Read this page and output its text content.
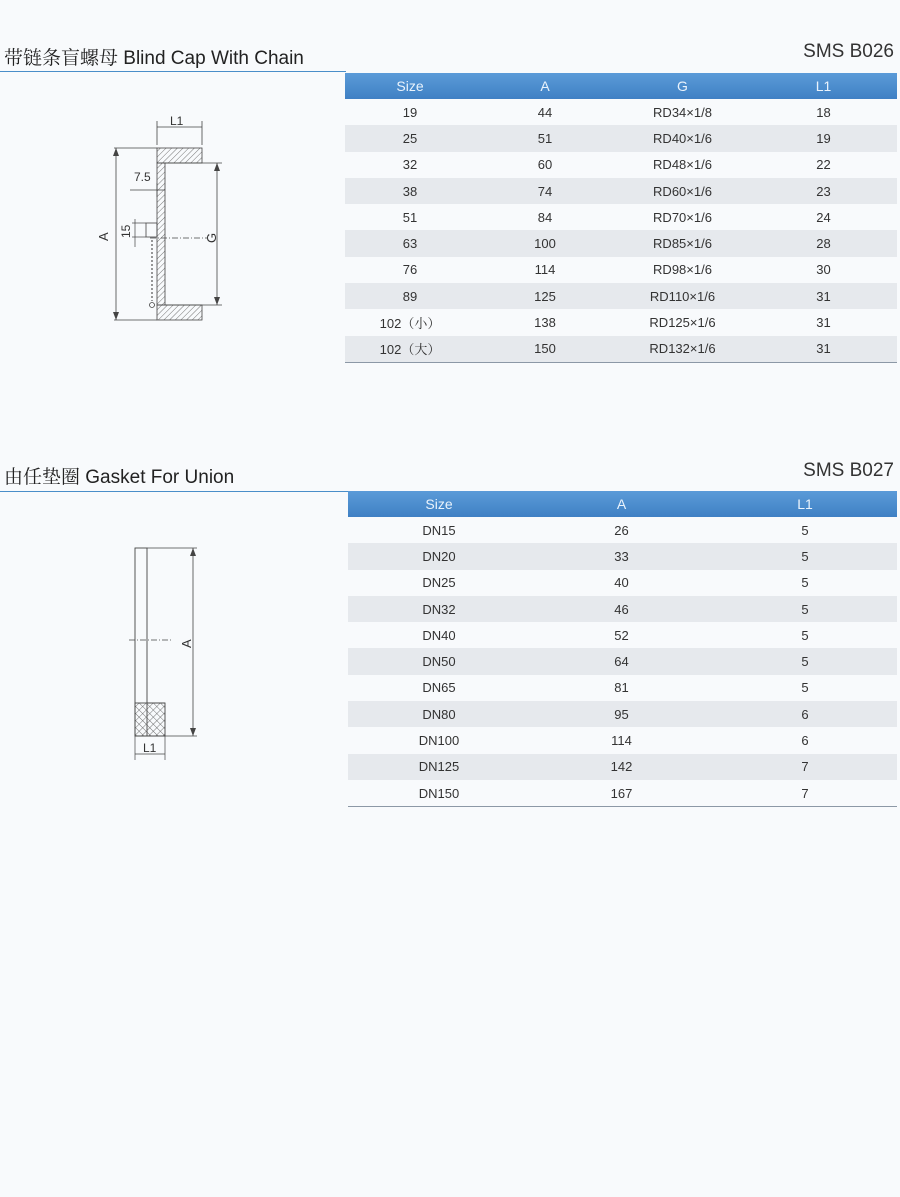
带链条盲螺母 Blind Cap With Chain	SMS B026
L1
7.5
15
A	G
Size	A	G	L1
19	44	RD34×1/8	18
25	51	RD40×1/6	19
32	60	RD48×1/6	22
38	74	RD60×1/6	23
51	84	RD70×1/6	24
63	100	RD85×1/6	28
76	114	RD98×1/6	30
89	125	RD110×1/6	31
102（小）	138	RD125×1/6	31
102（大）	150	RD132×1/6	31
由任垫圈 Gasket For Union	SMS B027
A
L1
Size	A	L1
DN15	26	5
DN20	33	5
DN25	40	5
DN32	46	5
DN40	52	5
DN50	64	5
DN65	81	5
DN80	95	6
DN100	114	6
DN125	142	7
DN150	167	7
